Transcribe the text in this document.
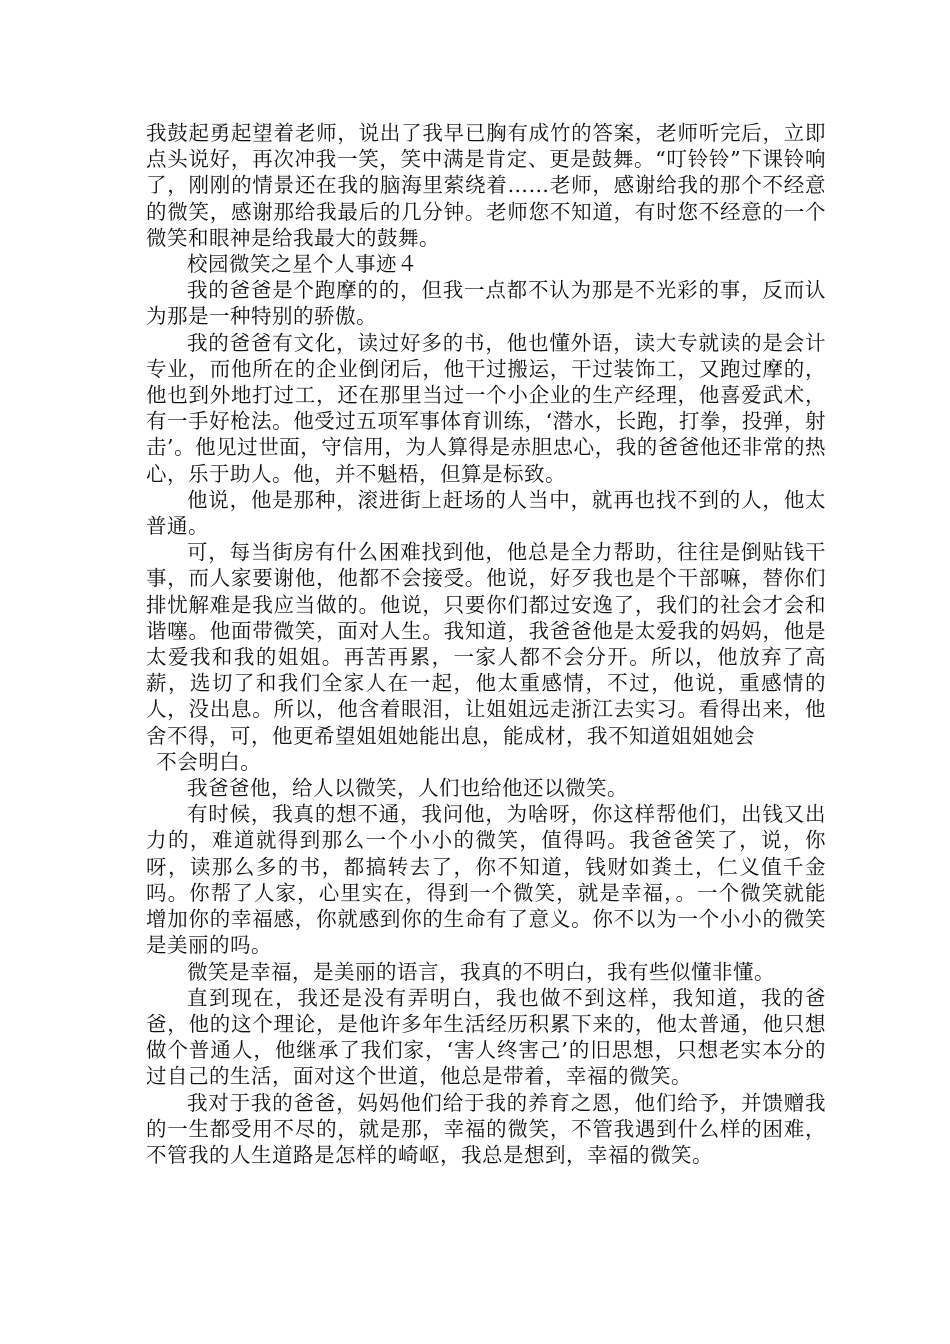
我鼓起勇起望着老师，说出了我早已胸有成竹的答案，老师听完后，立即点头说好，再次冲我一笑，笑中满是肯定、更是鼓舞。“叮铃铃”下课铃响了，刚刚的情景还在我的脑海里萦绕着……老师，感谢给我的那个不经意的微笑，感谢那给我最后的几分钟。老师您不知道，有时您不经意的一个微笑和眼神是给我最大的鼓舞。

校园微笑之星个人事迹４

我的爸爸是个跑摩的的，但我一点都不认为那是不光彩的事，反而认为那是一种特别的骄傲。

我的爸爸有文化，读过好多的书，他也懂外语，读大专就读的是会计专业，而他所在的企业倒闭后，他干过搬运，干过装饰工，又跑过摩的，他也到外地打过工，还在那里当过一个小企业的生产经理，他喜爱武术，有一手好枪法。他受过五项军事体育训练，‘潜水，长跑，打拳，投弹，射击’。他见过世面，守信用，为人算得是赤胆忠心，我的爸爸他还非常的热心，乐于助人。他，并不魁梧，但算是标致。

他说，他是那种，滚进街上赶场的人当中，就再也找不到的人，他太普通。

可，每当街房有什么困难找到他，他总是全力帮助，往往是倒贴钱干事，而人家要谢他，他都不会接受。他说，好歹我也是个干部嘛，替你们排忧解难是我应当做的。他说，只要你们都过安逸了，我们的社会才会和谐噻。他面带微笑，面对人生。我知道，我爸爸他是太爱我的妈妈，他是太爱我和我的姐姐。再苦再累，一家人都不会分开。所以，他放弃了高薪，选切了和我们全家人在一起，他太重感情，不过，他说，重感情的人，没出息。所以，他含着眼泪，让姐姐远走浙江去实习。看得出来，他舍不得，可，他更希望姐姐她能出息，能成材，我不知道姐姐她会

不会明白。

我爸爸他，给人以微笑，人们也给他还以微笑。

有时候，我真的想不通，我问他，为啥呀，你这样帮他们，出钱又出力的，难道就得到那么一个小小的微笑，值得吗。我爸爸笑了，说，你呀，读那么多的书，都搞转去了，你不知道，钱财如粪土，仁义值千金吗。你帮了人家，心里实在，得到一个微笑，就是幸福，。一个微笑就能增加你的幸福感，你就感到你的生命有了意义。你不以为一个小小的微笑是美丽的吗。

微笑是幸福，是美丽的语言，我真的不明白，我有些似懂非懂。

直到现在，我还是没有弄明白，我也做不到这样，我知道，我的爸爸，他的这个理论，是他许多年生活经历积累下来的，他太普通，他只想做个普通人，他继承了我们家，‘害人终害己’的旧思想，只想老实本分的过自己的生活，面对这个世道，他总是带着，幸福的微笑。

我对于我的爸爸，妈妈他们给于我的养育之恩，他们给予，并馈赠我的一生都受用不尽的，就是那，幸福的微笑，不管我遇到什么样的困难，不管我的人生道路是怎样的崎岖，我总是想到，幸福的微笑。
